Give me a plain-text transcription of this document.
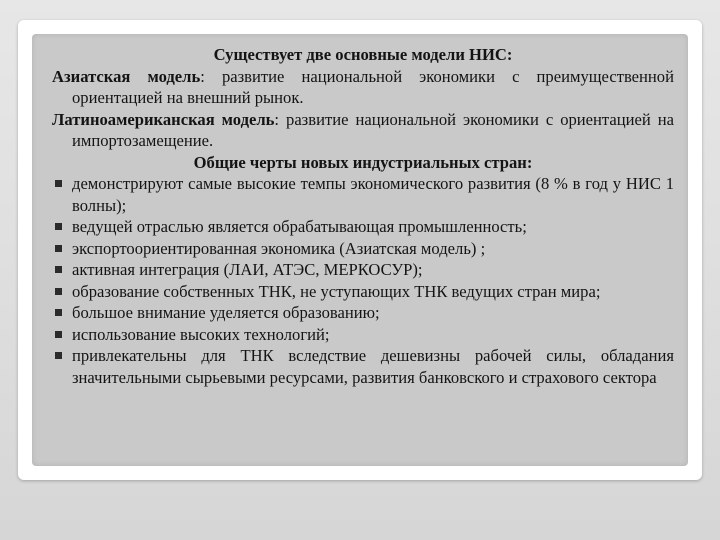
Существует две основные модели НИС:
Азиатская модель: развитие национальной экономики с преимущественной ориентацией на внешний рынок.
Латиноамериканская модель: развитие национальной экономики с ориентацией на импортозамещение.
Общие черты новых индустриальных стран:
демонстрируют самые высокие темпы экономического развития (8 % в год у НИС 1 волны);
ведущей отраслью является обрабатывающая промышленность;
экспортоориентированная экономика (Азиатская модель) ;
активная интеграция (ЛАИ, АТЭС, МЕРКОСУР);
образование собственных ТНК, не уступающих ТНК ведущих стран мира;
большое внимание уделяется образованию;
использование высоких технологий;
привлекательны для ТНК вследствие дешевизны рабочей силы, обладания значительными сырьевыми ресурсами, развития банковского и страхового сектора
